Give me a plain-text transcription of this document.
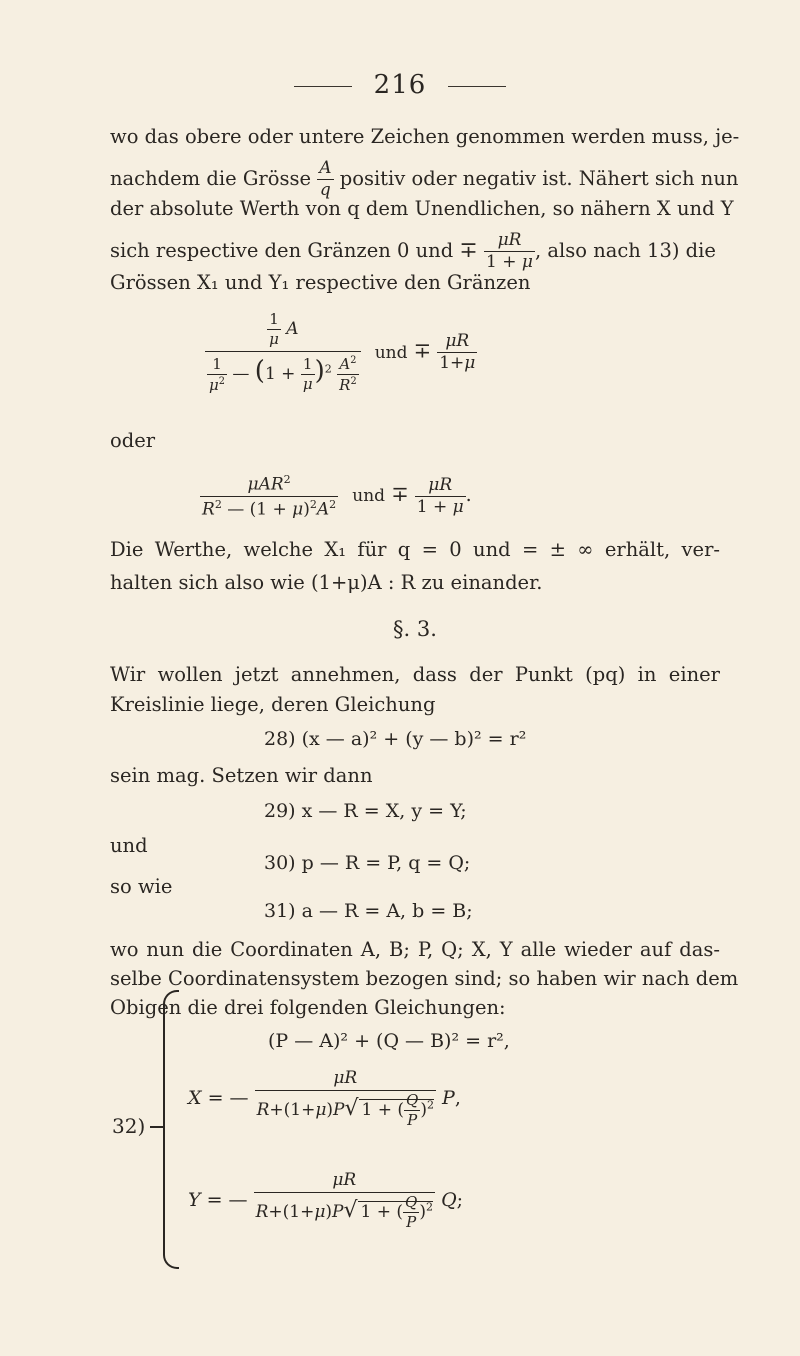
216
wo das obere oder untere Zeichen genommen werden muss, je-
nachdem die Grösse $\frac{A}{q}$ positiv oder negativ ist. Nähert sich nun
der absolute Werth von q dem Unendlichen, so nähern X und Y
sich respective den Gränzen 0 und ∓ $\frac{\mu R}{1 + \mu}$ , also nach 13) die
Grössen X₁ und Y₁ respective den Gränzen
$\frac{\frac{1}{\mu} A}{\frac{1}{\mu^2} — (1 + \frac{1}{\mu} )^2 \frac{A^2}{R^2}}$ und ∓ $\frac{\mu R}{1+\mu}$
oder
$\frac{\mu AR^2}{R^2 — (1 + \mu)^2A^2}$ und ∓ $\frac{\mu R}{1 + \mu}$ .
Die Werthe, welche X₁ für q = 0 und = ± ∞ erhält, ver-
halten sich also wie (1+μ)A : R zu einander.
§. 3.
Wir wollen jetzt annehmen, dass der Punkt (pq) in einer
Kreislinie liege, deren Gleichung
28) (x — a)² + (y — b)² = r²
sein mag. Setzen wir dann
29) x — R = X, y = Y;
und
30) p — R = P, q = Q;
so wie
31) a — R = A, b = B;
wo nun die Coordinaten A, B; P, Q; X, Y alle wieder auf das-
selbe Coordinatensystem bezogen sind; so haben wir nach dem
Obigen die drei folgenden Gleichungen:
32)
(P — A)² + (Q — B)² = r²,
X = — $\frac{\mu R}{R+(1+\mu)P√ 1 + ( \frac{Q}{P} )^2} P$,
Y = — $\frac{\mu R}{R+(1+\mu)P√ 1 + ( \frac{Q}{P} )^2} Q$;
